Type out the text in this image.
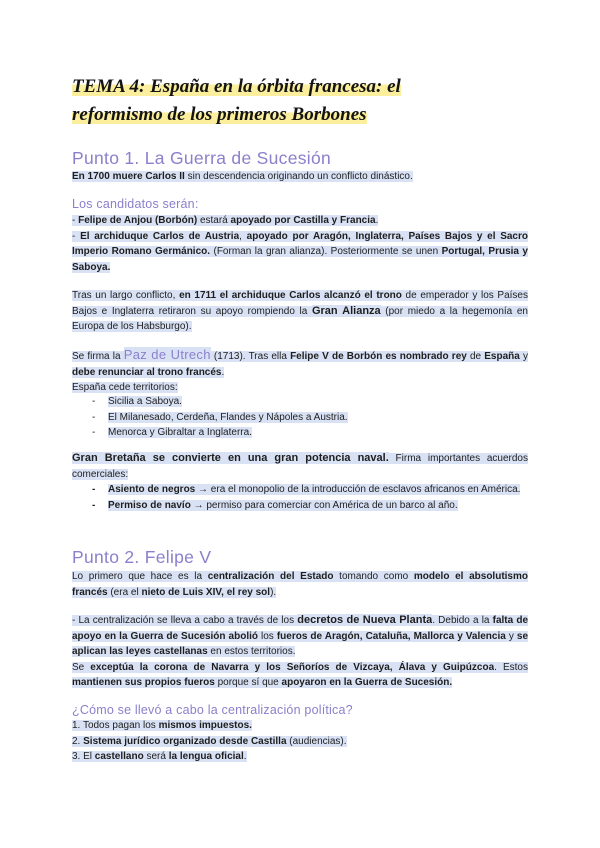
TEMA 4: España en la órbita francesa: el
reformismo de los primeros Borbones
Punto 1. La Guerra de Sucesión
En 1700 muere Carlos II sin descendencia originando un conflicto dinástico.
Los candidatos serán:
- Felipe de Anjou (Borbón) estará apoyado por Castilla y Francia.
- El archiduque Carlos de Austria, apoyado por Aragón, Inglaterra, Países Bajos y el Sacro Imperio Romano Germánico. (Forman la gran alianza). Posteriormente se unen Portugal, Prusia y Saboya.
Tras un largo conflicto, en 1711 el archiduque Carlos alcanzó el trono de emperador y los Países Bajos e Inglaterra retiraron su apoyo rompiendo la Gran Alianza (por miedo a la hegemonía en Europa de los Habsburgo).
Se firma la Paz de Utrech (1713). Tras ella Felipe V de Borbón es nombrado rey de España y debe renunciar al trono francés.
España cede territorios:
- Sicilia a Saboya.
- El Milanesado, Cerdeña, Flandes y Nápoles a Austria.
- Menorca y Gibraltar a Inglaterra.
Gran Bretaña se convierte en una gran potencia naval. Firma importantes acuerdos comerciales:
- Asiento de negros → era el monopolio de la introducción de esclavos africanos en América.
- Permiso de navío → permiso para comerciar con América de un barco al año.
Punto 2. Felipe V
Lo primero que hace es la centralización del Estado tomando como modelo el absolutismo francés (era el nieto de Luis XIV, el rey sol).
- La centralización se lleva a cabo a través de los decretos de Nueva Planta. Debido a la falta de apoyo en la Guerra de Sucesión abolió los fueros de Aragón, Cataluña, Mallorca y Valencia y se aplican las leyes castellanas en estos territorios.
Se exceptúa la corona de Navarra y los Señoríos de Vizcaya, Álava y Guipúzcoa. Estos mantienen sus propios fueros porque sí que apoyaron en la Guerra de Sucesión.
¿Cómo se llevó a cabo la centralización política?
1. Todos pagan los mismos impuestos.
2. Sistema jurídico organizado desde Castilla (audiencias).
3. El castellano será la lengua oficial.
